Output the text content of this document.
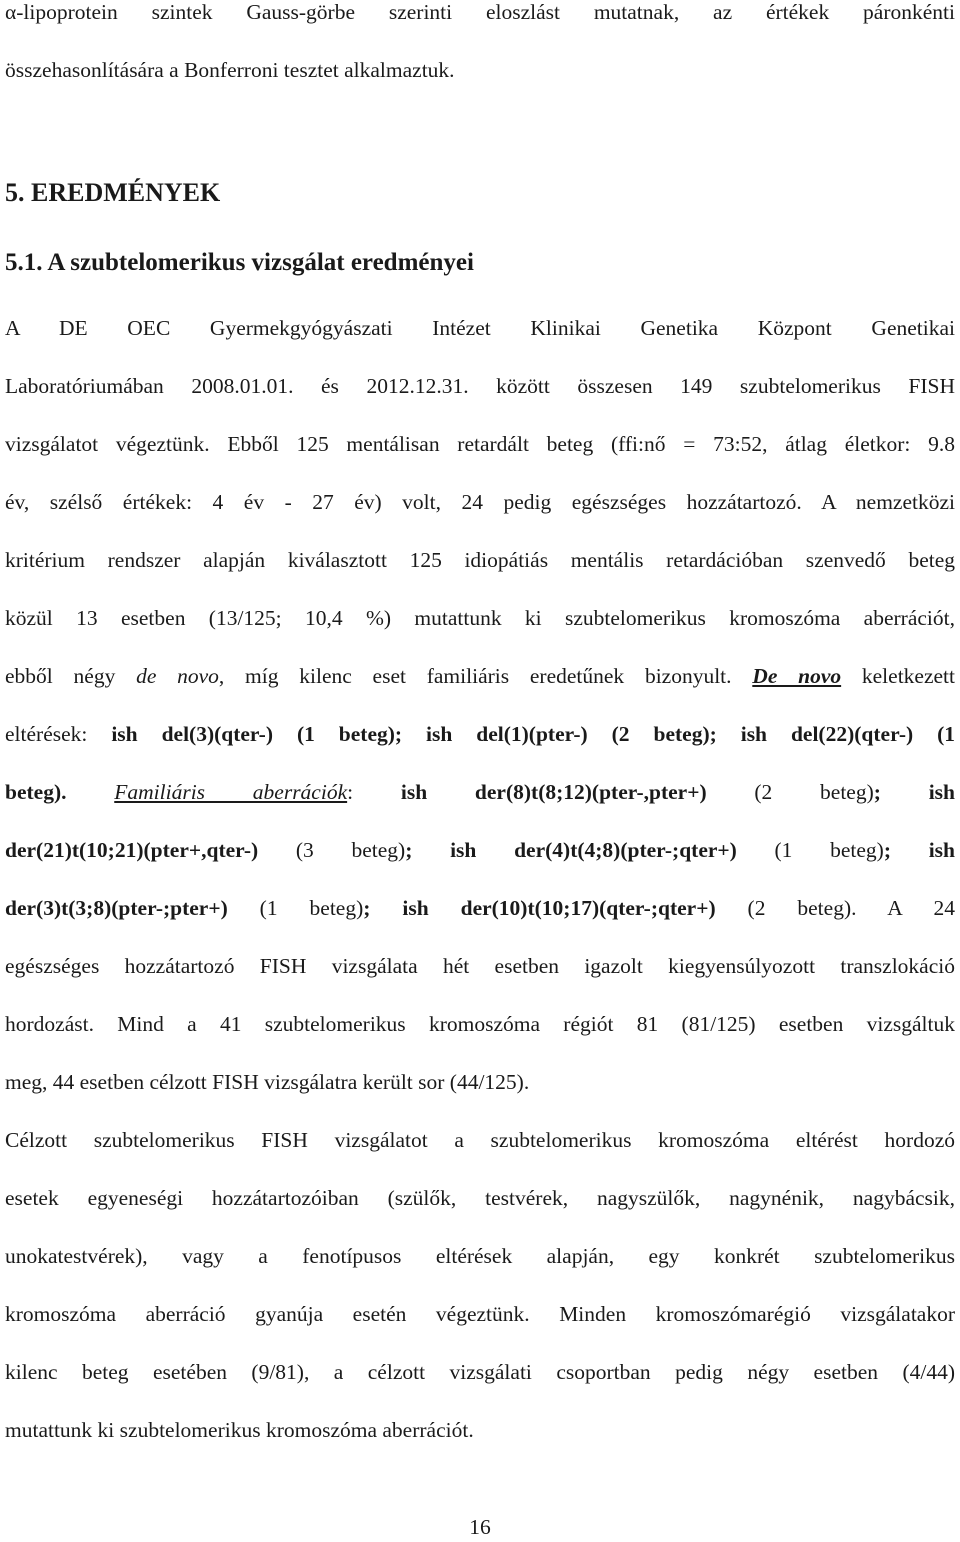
α-lipoprotein szintek Gauss-görbe szerinti eloszlást mutatnak, az értékek páronkénti
összehasonlítására a Bonferroni tesztet alkalmaztuk.
5. EREDMÉNYEK
5.1. A szubtelomerikus vizsgálat eredményei
A DE OEC Gyermekgyógyászati Intézet Klinikai Genetika Központ Genetikai
Laboratóriumában 2008.01.01. és 2012.12.31. között összesen 149 szubtelomerikus FISH
vizsgálatot végeztünk. Ebből 125 mentálisan retardált beteg (ffi:nő = 73:52, átlag életkor: 9.8
év, szélső értékek: 4 év - 27 év) volt, 24 pedig egészséges hozzátartozó. A nemzetközi
kritérium rendszer alapján kiválasztott 125 idiopátiás mentális retardációban szenvedő beteg
közül 13 esetben (13/125; 10,4 %) mutattunk ki szubtelomerikus kromoszóma aberrációt,
ebből négy de novo, míg kilenc eset familiáris eredetűnek bizonyult. De novo keletkezett
eltérések: ish del(3)(qter-) (1 beteg); ish del(1)(pter-) (2 beteg); ish del(22)(qter-) (1
beteg). Familiáris aberrációk: ish der(8)t(8;12)(pter-,pter+) (2 beteg); ish
der(21)t(10;21)(pter+,qter-) (3 beteg); ish der(4)t(4;8)(pter-;qter+) (1 beteg); ish
der(3)t(3;8)(pter-;pter+) (1 beteg); ish der(10)t(10;17)(qter-;qter+) (2 beteg). A 24
egészséges hozzátartozó FISH vizsgálata hét esetben igazolt kiegyensúlyozott transzlokáció
hordozást. Mind a 41 szubtelomerikus kromoszóma régiót 81 (81/125) esetben vizsgáltuk
meg, 44 esetben célzott FISH vizsgálatra került sor (44/125).
Célzott szubtelomerikus FISH vizsgálatot a szubtelomerikus kromoszóma eltérést hordozó
esetek egyeneségi hozzátartozóiban (szülők, testvérek, nagyszülők, nagynénik, nagybácsik,
unokatestvérek), vagy a fenotípusos eltérések alapján, egy konkrét szubtelomerikus
kromoszóma aberráció gyanúja esetén végeztünk. Minden kromoszómarégió vizsgálatakor
kilenc beteg esetében (9/81), a célzott vizsgálati csoportban pedig négy esetben (4/44)
mutattunk ki szubtelomerikus kromoszóma aberrációt.
16
